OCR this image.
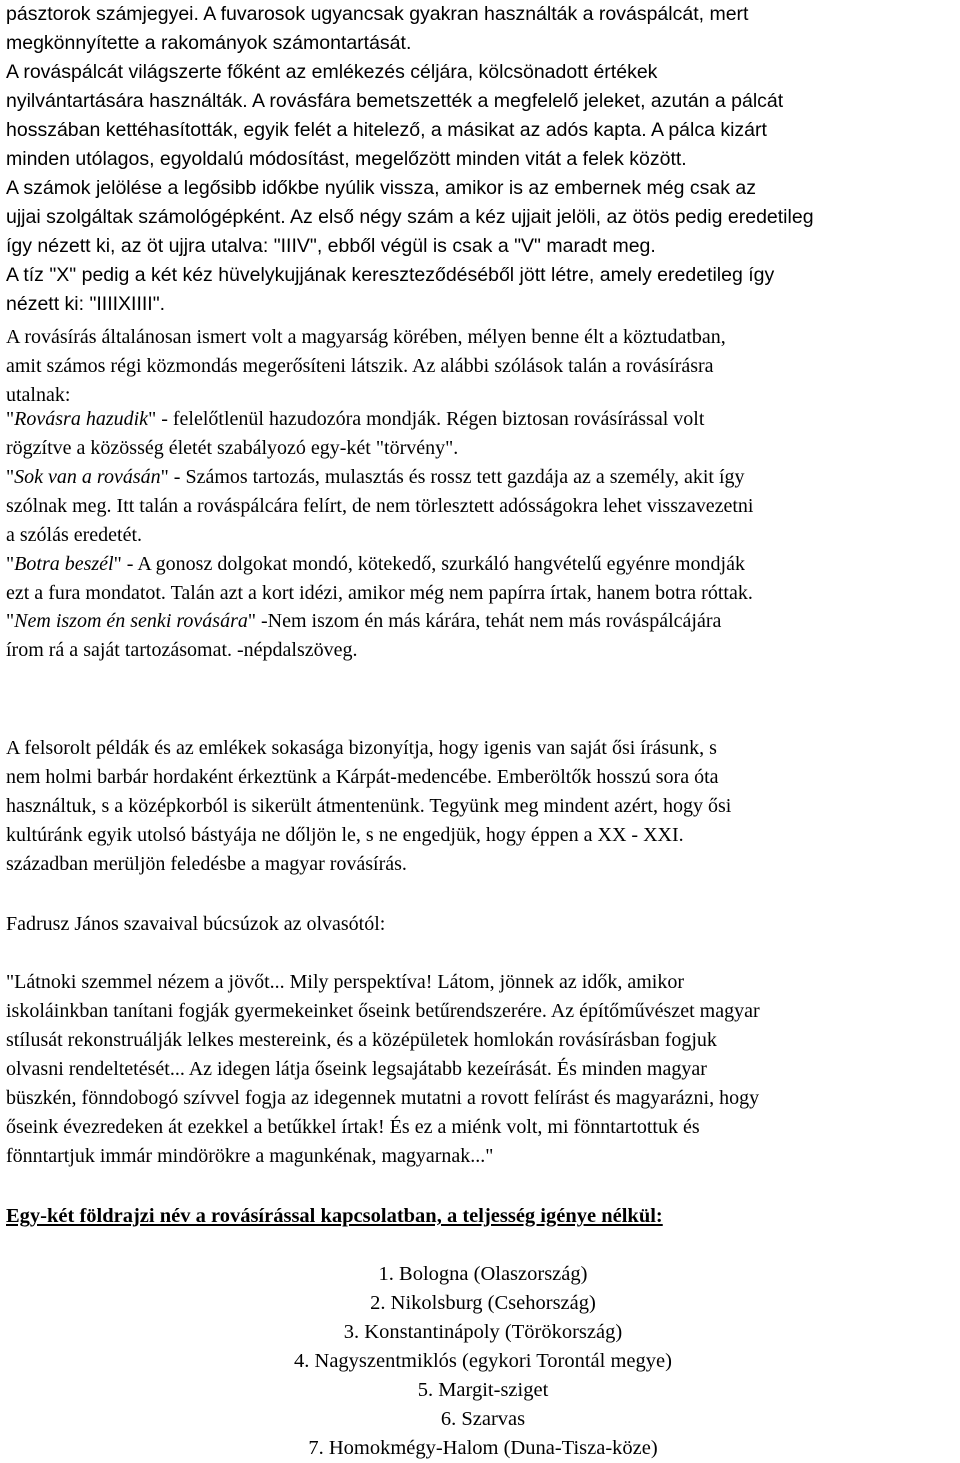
pásztorok számjegyei. A fuvarosok ugyancsak gyakran használták a rováspálcát, mert
megkönnyítette a rakományok számontartását.
A rováspálcát világszerte főként az emlékezés céljára, kölcsönadott értékek
nyilvántartására használták. A rovásfára bemetszették a megfelelő jeleket, azután a pálcát
hosszában kettéhasították, egyik felét a hitelező, a másikat az adós kapta. A pálca kizárt
minden utólagos, egyoldalú módosítást, megelőzött minden vitát a felek között.
A számok jelölése a legősibb időkbe nyúlik vissza, amikor is az embernek még csak az
ujjai szolgáltak számológépként. Az első négy szám a kéz ujjait jelöli, az ötös pedig eredetileg
így nézett ki, az öt ujjra utalva: "IIIV", ebből végül is csak a "V" maradt meg.
A tíz "X" pedig a két kéz hüvelykujjának kereszteződéséből jött létre, amely eredetileg így
nézett ki: "IIIIXIIII".
A rovásírás általánosan ismert volt a magyarság körében, mélyen benne élt a köztudatban,
amit számos régi közmondás megerősíteni látszik. Az alábbi szólások talán a rovásírásra
utalnak:
"Rovásra hazudik" - felelőtlenül hazudozóra mondják. Régen biztosan rovásírással volt
rögzítve a közösség életét szabályozó egy-két "törvény".
"Sok van a rovásán" - Számos tartozás, mulasztás és rossz tett gazdája az a személy, akit így
szólnak meg. Itt talán a rováspálcára felírt, de nem törlesztett adósságokra lehet visszavezetni
a szólás eredetét.
"Botra beszél" - A gonosz dolgokat mondó, kötekedő, szurkáló hangvételű egyénre mondják
ezt a fura mondatot. Talán azt a kort idézi, amikor még nem papírra írtak, hanem botra róttak.
"Nem iszom én senki rovására" -Nem iszom én más kárára, tehát nem más rováspálcájára
írom rá a saját tartozásomat. -népdalszöveg.
A felsorolt példák és az emlékek sokasága bizonyítja, hogy igenis van saját ősi írásunk, s
nem holmi barbár hordaként érkeztünk a Kárpát-medencébe. Emberöltők hosszú sora óta
használtuk, s a középkorból is sikerült átmentenünk. Tegyünk meg mindent azért, hogy ősi
kultúránk egyik utolsó bástyája ne dőljön le, s ne engedjük, hogy éppen a XX - XXI.
században merüljön feledésbe a magyar rovásírás.
Fadrusz János szavaival búcsúzok az olvasótól:
"Látnoki szemmel nézem a jövőt... Mily perspektíva! Látom, jönnek az idők, amikor
iskoláinkban tanítani fogják gyermekeinket őseink betűrendszerére. Az építőművészet magyar
stílusát rekonstruálják lelkes mestereink, és a középületek homlokán rovásírásban fogjuk
olvasni rendeltetését... Az idegen látja őseink legsajátabb kezeírását. És minden magyar
büszkén, fönndobogó szívvel fogja az idegennek mutatni a rovott felírást és magyarázni, hogy
őseink évezredeken át ezekkel a betűkkel írtak! És ez a miénk volt, mi fönntartottuk és
fönntartjuk immár mindörökre a magunkénak, magyarnak..."
Egy-két földrajzi név a rovásírással kapcsolatban, a teljesség igénye nélkül:
1. Bologna (Olaszország)
2. Nikolsburg (Csehország)
3. Konstantinápoly (Törökország)
4. Nagyszentmiklós (egykori Torontál megye)
5. Margit-sziget
6. Szarvas
7. Homokmégy-Halom (Duna-Tisza-köze)
